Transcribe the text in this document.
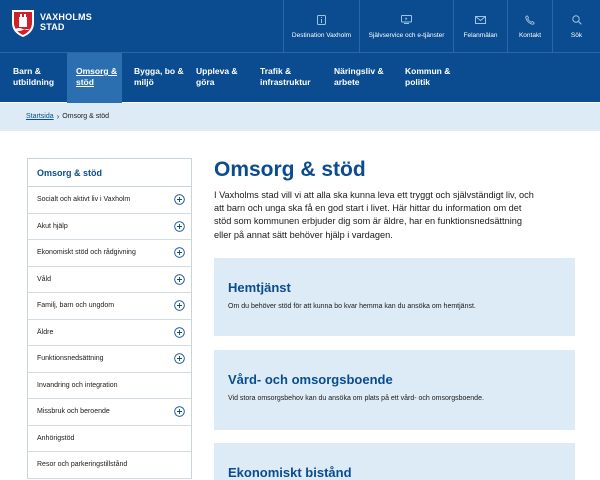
VAXHOLMS
STAD
Destination Vaxholm	Självservice och e-tjänster	Felanmälan	Kontakt	Sök
Barn &
utbildning
Omsorg &
stöd
Bygga, bo &
miljö
Uppleva &
göra
Trafik &
infrastruktur
Näringsliv &
arbete
Kommun &
politik
Startsida › Omsorg & stöd
Omsorg & stöd
Socialt och aktivt liv i Vaxholm
Akut hjälp
Ekonomiskt stöd och rådgivning
Våld
Familj, barn och ungdom
Äldre
Funktionsnedsättning
Invandring och integration
Missbruk och beroende
Anhörigstöd
Resor och parkeringstillstånd
Omsorg & stöd
I Vaxholms stad vill vi att alla ska kunna leva ett tryggt och självständigt liv, och
att barn och unga ska få en god start i livet. Här hittar du information om det
stöd som kommunen erbjuder dig som är äldre, har en funktionsnedsättning
eller på annat sätt behöver hjälp i vardagen.
Hemtjänst

Om du behöver stöd för att kunna bo kvar hemma kan du ansöka om hemtjänst.

Vård- och omsorgsboende

Vid stora omsorgsbehov kan du ansöka om plats på ett vård- och omsorgsboende.

Ekonomiskt bistånd
